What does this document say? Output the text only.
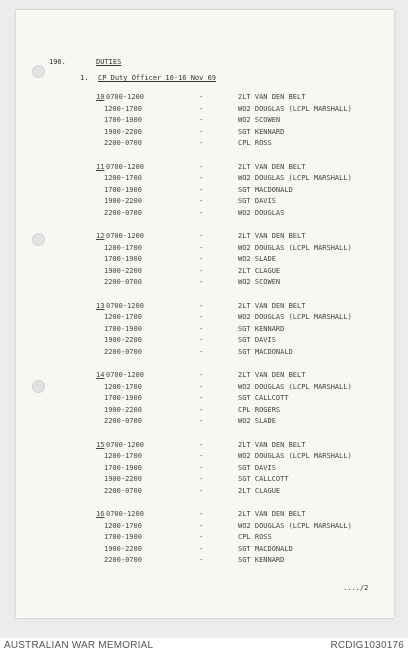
196.	DUTIES
1. CP Duty Officer 10-16 Nov 69
10 0700-1200	-	2LT VAN DEN BELT
1200-1700	-	WO2 DOUGLAS (LCPL MARSHALL)
1700-1900	-	WO2 SCOWEN
1900-2200	-	SGT KENNARD
2200-0700	-	CPL ROSS
11 0700-1200	-	2LT VAN DEN BELT
1200-1700	-	WO2 DOUGLAS (LCPL MARSHALL)
1700-1900	-	SGT MACDONALD
1900-2200	-	SGT DAVIS
2200-0700	-	WO2 DOUGLAS
12 0700-1200	-	2LT VAN DEN BELT
1200-1700	-	WO2 DOUGLAS (LCPL MARSHALL)
1700-1900	-	WO2 SLADE
1900-2200	-	2LT CLAGUE
2200-0700	-	WO2 SCOWEN
13 0700-1200	-	2LT VAN DEN BELT
1200-1700	-	WO2 DOUGLAS (LCPL MARSHALL)
1700-1900	-	SGT KENNARD
1900-2200	-	SGT DAVIS
2200-0700	-	SGT MACDONALD
14 0700-1200	-	2LT VAN DEN BELT
1200-1700	-	WO2 DOUGLAS (LCPL MARSHALL)
1700-1900	-	SGT CALLCOTT
1900-2200	-	CPL ROGERS
2200-0700	-	WO2 SLADE
15 0700-1200	-	2LT VAN DEN BELT
1200-1700	-	WO2 DOUGLAS (LCPL MARSHALL)
1700-1900	-	SGT DAVIS
1900-2200	-	SGT CALLCOTT
2200-0700	-	2LT CLAGUE
16 0700-1200	-	2LT VAN DEN BELT
1200-1700	-	WO2 DOUGLAS (LCPL MARSHALL)
1700-1900	-	CPL ROSS
1900-2200	-	SGT MACDONALD
2200-0700	-	SGT KENNARD
..../2
AUSTRALIAN WAR MEMORIAL	RCDIG1030176
